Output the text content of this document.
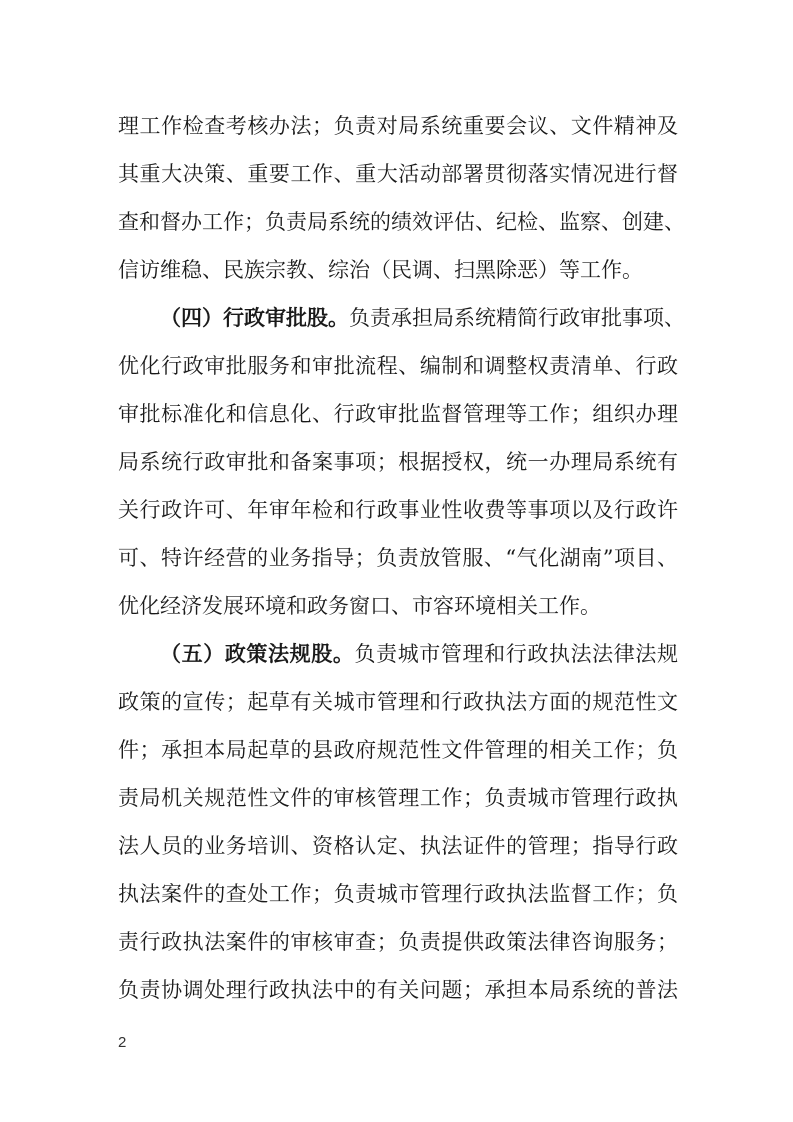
理工作检查考核办法；负责对局系统重要会议、文件精神及
其重大决策、重要工作、重大活动部署贯彻落实情况进行督
查和督办工作；负责局系统的绩效评估、纪检、监察、创建、
信访维稳、民族宗教、综治（民调、扫黑除恶）等工作。
（四）行政审批股。负责承担局系统精简行政审批事项、
优化行政审批服务和审批流程、编制和调整权责清单、行政
审批标准化和信息化、行政审批监督管理等工作；组织办理
局系统行政审批和备案事项；根据授权，统一办理局系统有
关行政许可、年审年检和行政事业性收费等事项以及行政许
可、特许经营的业务指导；负责放管服、“气化湖南”项目、
优化经济发展环境和政务窗口、市容环境相关工作。
（五）政策法规股。负责城市管理和行政执法法律法规
政策的宣传；起草有关城市管理和行政执法方面的规范性文
件；承担本局起草的县政府规范性文件管理的相关工作；负
责局机关规范性文件的审核管理工作；负责城市管理行政执
法人员的业务培训、资格认定、执法证件的管理；指导行政
执法案件的查处工作；负责城市管理行政执法监督工作；负
责行政执法案件的审核审查；负责提供政策法律咨询服务；
负责协调处理行政执法中的有关问题；承担本局系统的普法
2
